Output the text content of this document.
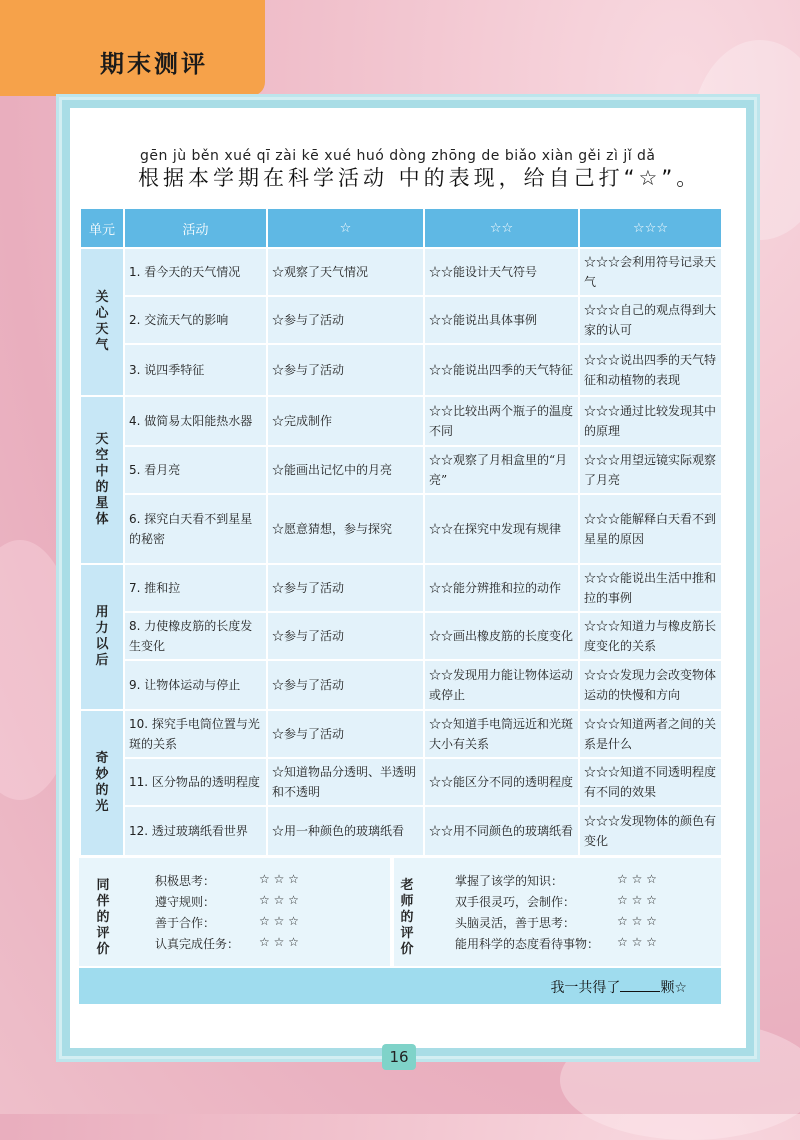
期末测评
gēn jù běn xué qī zài kē xué huó dòng zhōng de biǎo xiàn gěi zì jǐ dǎ
根据本学期在科学活动 中的表现，给自己打“☆”。
单元	活动	☆	☆☆	☆☆☆
关心天气	1. 看今天的天气情况	☆观察了天气情况	☆☆能设计天气符号	☆☆☆会利用符号记录天气
	2. 交流天气的影响	☆参与了活动	☆☆能说出具体事例	☆☆☆自己的观点得到大家的认可
	3. 说四季特征	☆参与了活动	☆☆能说出四季的天气特征	☆☆☆说出四季的天气特征和动植物的表现
天空中的星体	4. 做简易太阳能热水器	☆完成制作	☆☆比较出两个瓶子的温度不同	☆☆☆通过比较发现其中的原理
	5. 看月亮	☆能画出记忆中的月亮	☆☆观察了月相盒里的“月亮”	☆☆☆用望远镜实际观察了月亮
	6. 探究白天看不到星星的秘密	☆愿意猜想，参与探究	☆☆在探究中发现有规律	☆☆☆能解释白天看不到星星的原因
用力以后	7. 推和拉	☆参与了活动	☆☆能分辨推和拉的动作	☆☆☆能说出生活中推和拉的事例
	8. 力使橡皮筋的长度发生变化	☆参与了活动	☆☆画出橡皮筋的长度变化	☆☆☆知道力与橡皮筋长度变化的关系
	9. 让物体运动与停止	☆参与了活动	☆☆发现用力能让物体运动或停止	☆☆☆发现力会改变物体运动的快慢和方向
奇妙的光	10. 探究手电筒位置与光斑的关系	☆参与了活动	☆☆知道手电筒远近和光斑大小有关系	☆☆☆知道两者之间的关系是什么
	11. 区分物品的透明程度	☆知道物品分透明、半透明和不透明	☆☆能区分不同的透明程度	☆☆☆知道不同透明程度有不同的效果
	12. 透过玻璃纸看世界	☆用一种颜色的玻璃纸看	☆☆用不同颜色的玻璃纸看	☆☆☆发现物体的颜色有变化
同伴的评价
积极思考：	☆ ☆ ☆
遵守规则：	☆ ☆ ☆
善于合作：	☆ ☆ ☆
认真完成任务： ☆ ☆ ☆
老师的评价
掌握了该学的知识：	☆ ☆ ☆
双手很灵巧，会制作：	☆ ☆ ☆
头脑灵活，善于思考：	☆ ☆ ☆
能用科学的态度看待事物： ☆ ☆ ☆
我一共得了	颗☆
16
